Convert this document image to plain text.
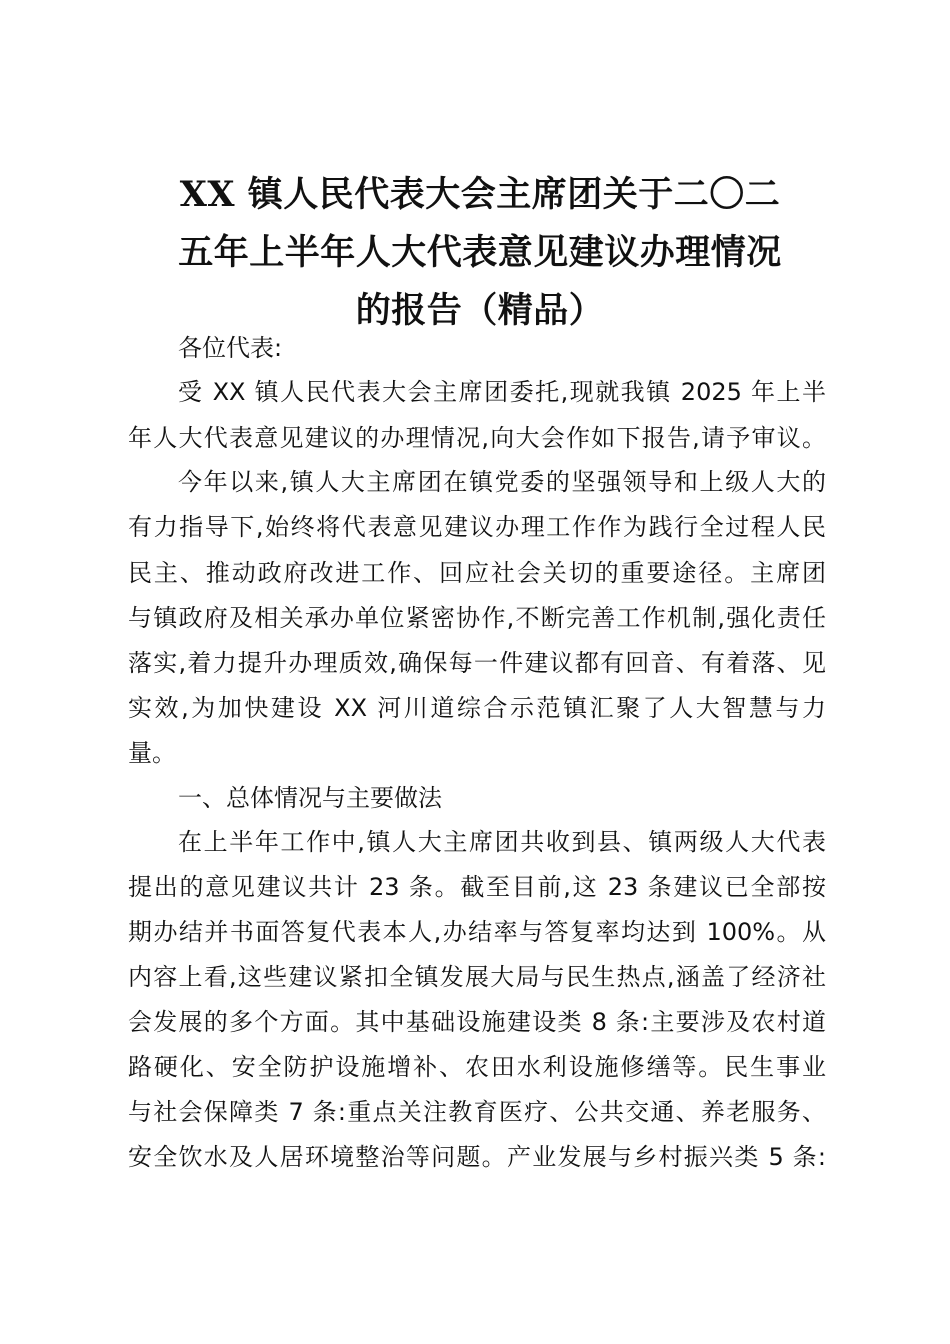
XX 镇人民代表大会主席团关于二〇二
五年上半年人大代表意见建议办理情况
的报告（精品）

各位代表:

受 XX 镇人民代表大会主席团委托,现就我镇 2025 年上半

年人大代表意见建议的办理情况,向大会作如下报告,请予审议。

今年以来,镇人大主席团在镇党委的坚强领导和上级人大的

有力指导下,始终将代表意见建议办理工作作为践行全过程人民

民主、推动政府改进工作、回应社会关切的重要途径。主席团

与镇政府及相关承办单位紧密协作,不断完善工作机制,强化责任

落实,着力提升办理质效,确保每一件建议都有回音、有着落、见

实效,为加快建设 XX 河川道综合示范镇汇聚了人大智慧与力

量。

一、总体情况与主要做法

在上半年工作中,镇人大主席团共收到县、镇两级人大代表

提出的意见建议共计 23 条。截至目前,这 23 条建议已全部按

期办结并书面答复代表本人,办结率与答复率均达到 100%。从

内容上看,这些建议紧扣全镇发展大局与民生热点,涵盖了经济社

会发展的多个方面。其中基础设施建设类 8 条:主要涉及农村道

路硬化、安全防护设施增补、农田水利设施修缮等。民生事业

与社会保障类 7 条:重点关注教育医疗、公共交通、养老服务、

安全饮水及人居环境整治等问题。产业发展与乡村振兴类 5 条:
